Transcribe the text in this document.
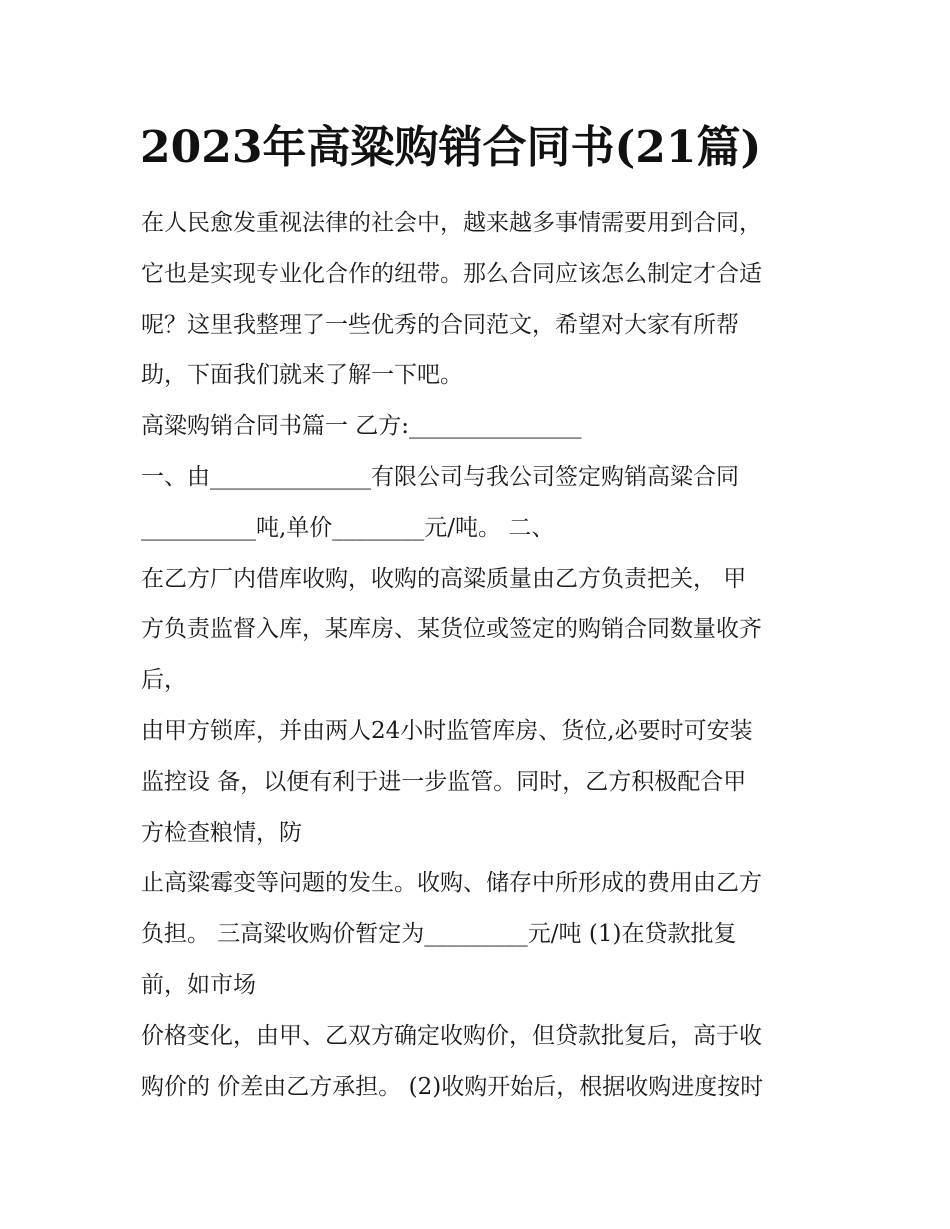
2023年高粱购销合同书(21篇)

在人民愈发重视法律的社会中，越来越多事情需要用到合同，

它也是实现专业化合作的纽带。那么合同应该怎么制定才合适

呢？这里我整理了一些优秀的合同范文，希望对大家有所帮

助，下面我们就来了解一下吧。

高粱购销合同书篇一 乙方:_______________

一、由______________有限公司与我公司签定购销高粱合同

__________吨,单价________元/吨。 二、

在乙方厂内借库收购，收购的高粱质量由乙方负责把关， 甲

方负责监督入库，某库房、某货位或签定的购销合同数量收齐

后，

由甲方锁库，并由两人24小时监管库房、货位,必要时可安装

监控设 备，以便有利于进一步监管。同时，乙方积极配合甲

方检查粮情，防

止高粱霉变等问题的发生。收购、储存中所形成的费用由乙方

负担。 三高粱收购价暂定为_________元/吨 (1)在贷款批复

前，如市场

价格变化，由甲、乙双方确定收购价，但贷款批复后，高于收

购价的 价差由乙方承担。 (2)收购开始后，根据收购进度按时
